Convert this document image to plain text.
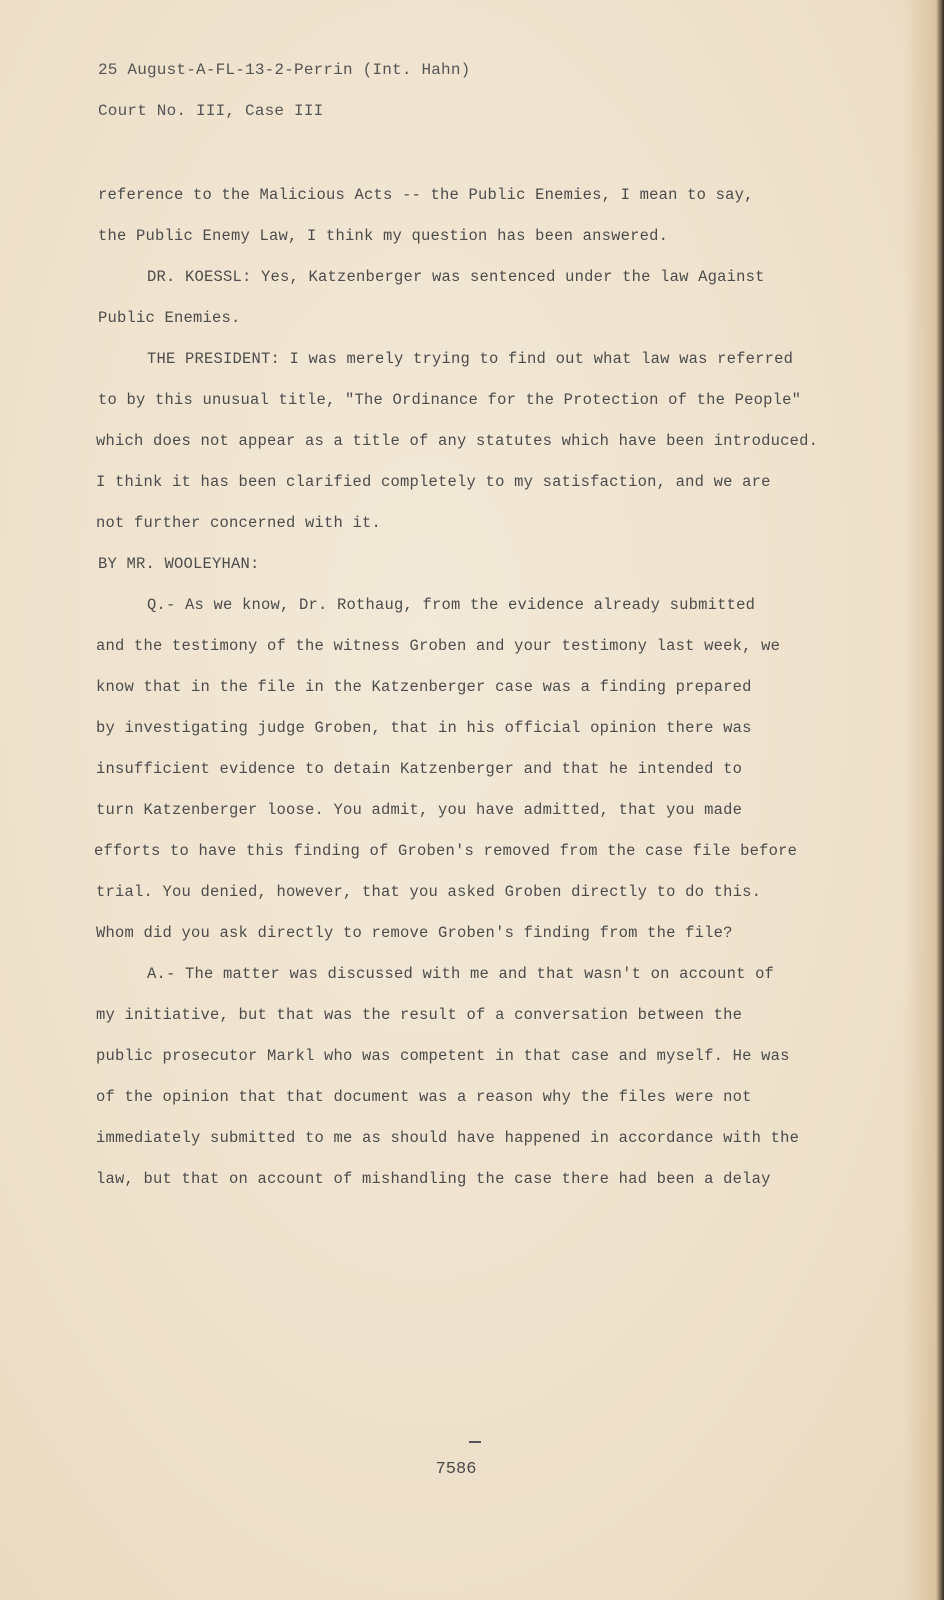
25 August-A-FL-13-2-Perrin (Int. Hahn)
Court No. III, Case III
reference to the Malicious Acts -- the Public Enemies, I mean to say,
the Public Enemy Law, I think my question has been answered.
DR. KOESSL: Yes, Katzenberger was sentenced under the law Against
Public Enemies.
THE PRESIDENT: I was merely trying to find out what law was referred
to by this unusual title, "The Ordinance for the Protection of the People"
which does not appear as a title of any statutes which have been introduced.
I think it has been clarified completely to my satisfaction, and we are
not further concerned with it.
BY MR. WOOLEYHAN:
Q.- As we know, Dr. Rothaug, from the evidence already submitted
and the testimony of the witness Groben and your testimony last week, we
know that in the file in the Katzenberger case was a finding prepared
by investigating judge Groben, that in his official opinion there was
insufficient evidence to detain Katzenberger and that he intended to
turn Katzenberger loose. You admit, you have admitted, that you made
efforts to have this finding of Groben's removed from the case file before
trial. You denied, however, that you asked Groben directly to do this.
Whom did you ask directly to remove Groben's finding from the file?
A.- The matter was discussed with me and that wasn't on account of
my initiative, but that was the result of a conversation between the
public prosecutor Markl who was competent in that case and myself. He was
of the opinion that that document was a reason why the files were not
immediately submitted to me as should have happened in accordance with the
law, but that on account of mishandling the case there had been a delay
7586
